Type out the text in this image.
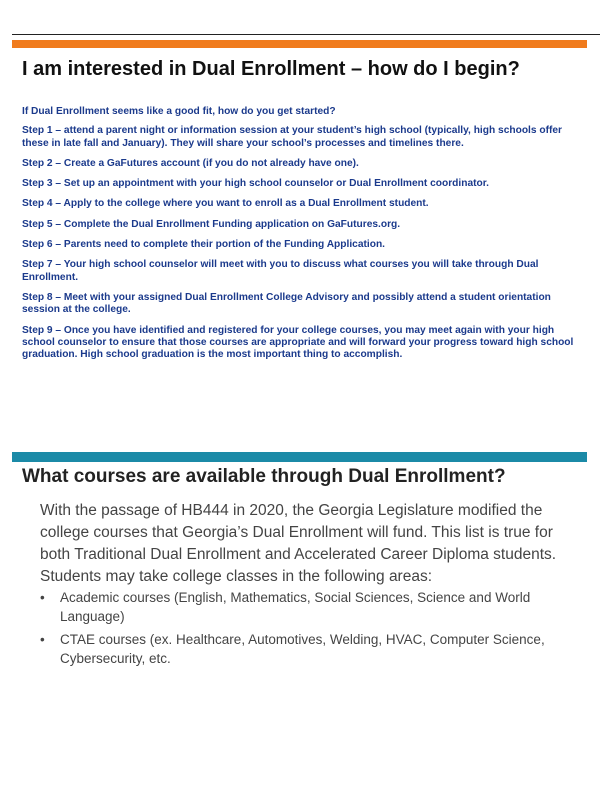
I am interested in Dual Enrollment – how do I begin?

If Dual Enrollment seems like a good fit, how do you get started?

Step 1 – attend a parent night or information session at your student’s high school (typically, high schools offer these in late fall and January). They will share your school’s processes and timelines there.

Step 2 – Create a GaFutures account (if you do not already have one).

Step 3 – Set up an appointment with your high school counselor or Dual Enrollment coordinator.

Step 4 – Apply to the college where you want to enroll as a Dual Enrollment student.

Step 5 – Complete the Dual Enrollment Funding application on GaFutures.org.

Step 6 – Parents need to complete their portion of the Funding Application.

Step 7 – Your high school counselor will meet with you to discuss what courses you will take through Dual Enrollment.

Step 8 – Meet with your assigned Dual Enrollment College Advisory and possibly attend a student orientation session at the college.

Step 9 – Once you have identified and registered for your college courses, you may meet again with your high school counselor to ensure that those courses are appropriate and will forward your progress toward high school graduation. High school graduation is the most important thing to accomplish.

What courses are available through Dual Enrollment?

With the passage of HB444 in 2020, the Georgia Legislature modified the college courses that Georgia’s Dual Enrollment will fund. This list is true for both Traditional Dual Enrollment and Accelerated Career Diploma students. Students may take college classes in the following areas:

• Academic courses (English, Mathematics, Social Sciences, Science and World Language)
• CTAE courses (ex. Healthcare, Automotives, Welding, HVAC, Computer Science, Cybersecurity, etc.
